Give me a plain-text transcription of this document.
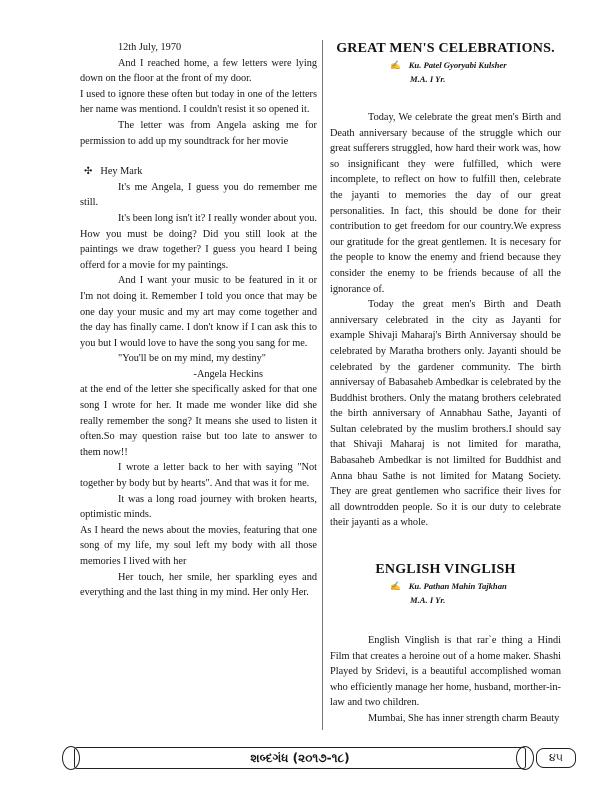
12th July, 1970

And I reached home, a few letters were lying down on the floor at the front of my door.

I used to ignore these often but today in one of the letters her name was mentiond. I couldn't resist it so opened it.

The letter was from Angela asking me for permission to add up my soundtrack for her movie

✣ Hey Mark

It's me Angela, I guess you do remember me still.

It's been long isn't it? I really wonder about you. How you must be doing? Did you still look at the paintings we draw together? I guess you heard I being offerd for a movie for my paintings.

And I want your music to be featured in it or I'm not doing it. Remember I told you once that may be one day your music and my art may come together and the day has finally came. I don't know if I can ask this to you but I would love to have the song you sang for me.

"You'll be on my mind, my destiny"

-Angela Heckins

at the end of the letter she specifically asked for that one song I wrote for her. It made me wonder like did she really remember the song? It means she used to listen it often.So may question raise but too late to answer to them now!!

I wrote a letter back to her with saying "Not together by body but by hearts". And that was it for me.

It was a long road journey with broken hearts, optimistic minds.

As I heard the news about the movies, featuring that one song of my life, my soul left my body with all those memories I lived with her

Her touch, her smile, her sparkling eyes and everything and the last thing in my mind. Her only Her.

GREAT MEN'S CELEBRATIONS.

✍ Ku. Patel Gyoryabi Kulsher

M.A. I Yr.

Today, We celebrate the great men's Birth and Death anniversary because of the struggle which our great sufferers struggled, how hard their work was, how so insignificant they were fulfilled, which were incomplete, to reflect on how to fulfill then, celebrate the jayanti to memories the day of our great personalities. In fact, this should be done for their contribution to get freedom for our country.We express our gratitude for the great gentlemen. It is necesary for the people to know the enemy and friend because they consider the enemy to be friends because of all the ignorance of.

Today the great men's Birth and Death anniversary celebrated in the city as Jayanti for example Shivaji Maharaj's Birth Anniversay should be celebrated by Maratha brothers only. Jayanti should be celebrated by the gardener community. The birth anniversay of Babasaheb Ambedkar is celebrated by the Buddhist brothers. Only the matang brothers celebrated the birth anniversary of Annabhau Sathe, Jayanti of Sultan celebrated by the muslim brothers.I should say that Shivaji Maharaj is not limited for maratha, Babasaheb Ambedkar is not limilted for Buddhist and Anna bhau Sathe is not limited for Matang Society. They are great gentlemen who sacrifice their lives for all downtrodden people. So it is our duty to celebrate their jayanti as a whole.

ENGLISH VINGLISH

✍ Ku. Pathan Mahin Tajkhan

M.A. I Yr.

English Vinglish is that rar`e thing a Hindi Film that creates a heroine out of a home maker. Shashi Played by Sridevi, is a beautiful accomplished woman who efficiently manage her home, husband, morther-in-law and two children.

Mumbai, She has inner strength charm Beauty

શબ્દગંધ (૨૦૧૭-૧૮)	૪૫
